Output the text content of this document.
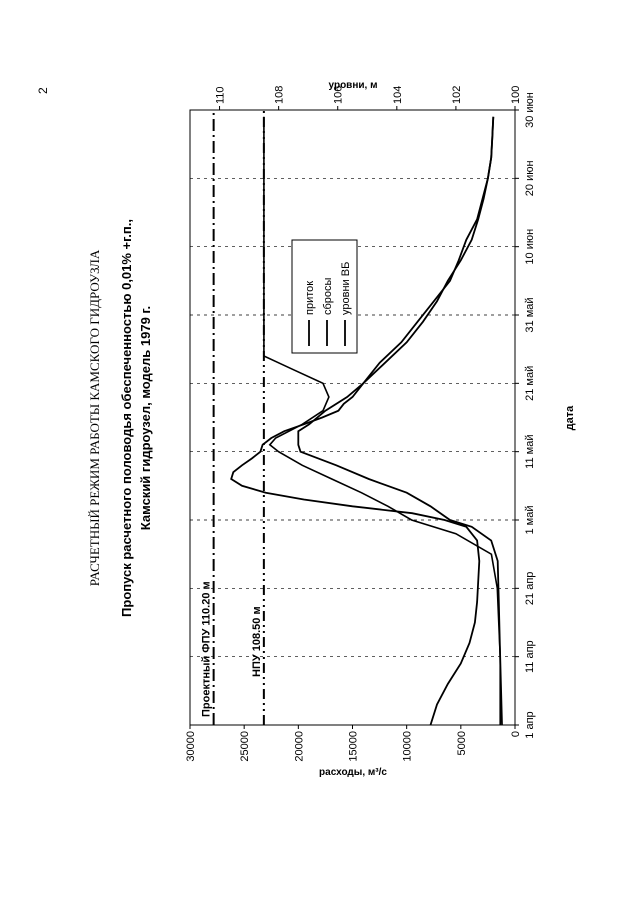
2
Проектный ФПУ 110.20 м	НПУ 108.50 м
1 апр
11 апр
21 апр
1 май
11 май
21 май
31 май
10 июн
20 июн
30 июн
0
5000
10000
15000
20000
25000
30000
100
102
104
106
108
110
РАСЧЕТНЫЙ РЕЖИМ РАБОТЫ КАМСКОГО ГИДРОУЗЛА Пропуск расчетного половодья обеспеченностью 0,01% +г.п., Камский гидроузел, модель 1979 г.	дата
расходы, м³/с
уровни, м
приток сбросы уровни ВБ
